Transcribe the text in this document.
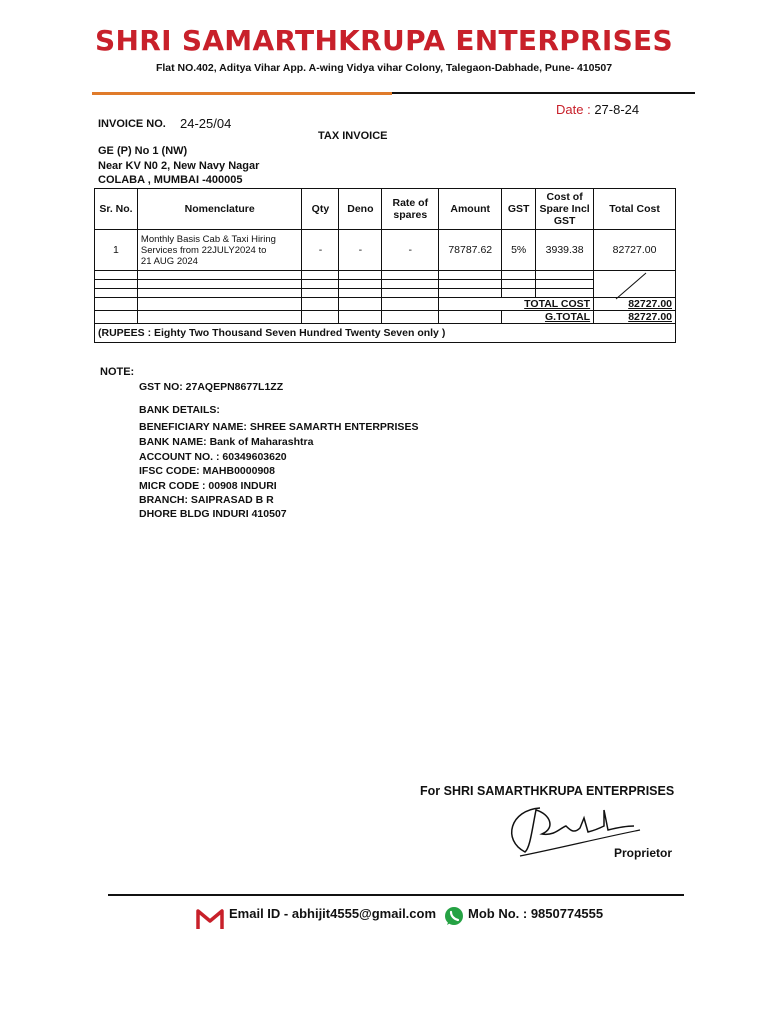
SHRI SAMARTHKRUPA ENTERPRISES
Flat NO.402, Aditya Vihar App. A-wing Vidya vihar Colony, Talegaon-Dabhade, Pune- 410507
Date : 27-8-24
INVOICE NO. 24-25/04
TAX INVOICE
GE (P) No 1 (NW)
Near KV N0 2, New Navy Nagar
COLABA , MUMBAI -400005
Sr. No.	Nomenclature	Qty	Deno	Rate of spares	Amount	GST	Cost of Spare Incl GST	Total Cost
1	Monthly Basis Cab & Taxi Hiring
Services from 22JULY2024 to
21 AUG 2024	-	-	-	78787.62	5%	3939.38	82727.00

					TOTAL COST			82727.00
						G.TOTAL		82727.00
(RUPEES : Eighty Two Thousand Seven Hundred Twenty Seven only )								
NOTE:
GST NO: 27AQEPN8677L1ZZ
BANK DETAILS:
BENEFICIARY NAME: SHREE SAMARTH ENTERPRISES
BANK NAME: Bank of Maharashtra
ACCOUNT NO. : 60349603620
IFSC CODE: MAHB0000908
MICR CODE : 00908 INDURI
BRANCH: SAIPRASAD B R
DHORE BLDG INDURI 410507
For SHRI SAMARTHKRUPA ENTERPRISES
Proprietor
Email ID - abhijit4555@gmail.com Mob No. : 9850774555
